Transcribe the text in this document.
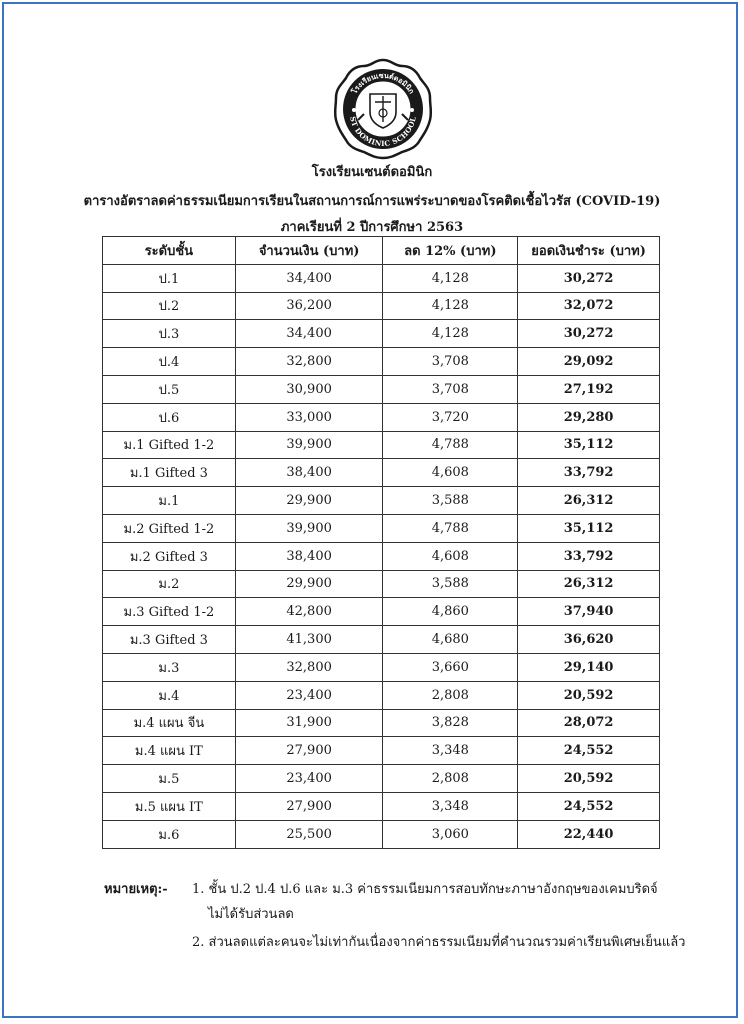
โรงเรียนเซนต์ดอมินิก
ST DOMINIC SCHOOL
โรงเรียนเซนต์ดอมินิก
ตารางอัตราลดค่าธรรมเนียมการเรียนในสถานการณ์การแพร่ระบาดของโรคติดเชื้อไวรัส (COVID-19)
ภาคเรียนที่ 2 ปีการศึกษา 2563
ระดับชั้น	จำนวนเงิน (บาท)	ลด 12% (บาท)	ยอดเงินชำระ (บาท)
ป.1	34,400	4,128	30,272
ป.2	36,200	4,128	32,072
ป.3	34,400	4,128	30,272
ป.4	32,800	3,708	29,092
ป.5	30,900	3,708	27,192
ป.6	33,000	3,720	29,280
ม.1 Gifted 1-2	39,900	4,788	35,112
ม.1 Gifted 3	38,400	4,608	33,792
ม.1	29,900	3,588	26,312
ม.2 Gifted 1-2	39,900	4,788	35,112
ม.2 Gifted 3	38,400	4,608	33,792
ม.2	29,900	3,588	26,312
ม.3 Gifted 1-2	42,800	4,860	37,940
ม.3 Gifted 3	41,300	4,680	36,620
ม.3	32,800	3,660	29,140
ม.4	23,400	2,808	20,592
ม.4 แผน จีน	31,900	3,828	28,072
ม.4 แผน IT	27,900	3,348	24,552
ม.5	23,400	2,808	20,592
ม.5 แผน IT	27,900	3,348	24,552
ม.6	25,500	3,060	22,440
หมายเหตุ:- 1. ชั้น ป.2 ป.4 ป.6 และ ม.3 ค่าธรรมเนียมการสอบทักษะภาษาอังกฤษของเคมบริดจ์
ไม่ได้รับส่วนลด
2. ส่วนลดแต่ละคนจะไม่เท่ากันเนื่องจากค่าธรรมเนียมที่คำนวณรวมค่าเรียนพิเศษเย็นแล้ว
